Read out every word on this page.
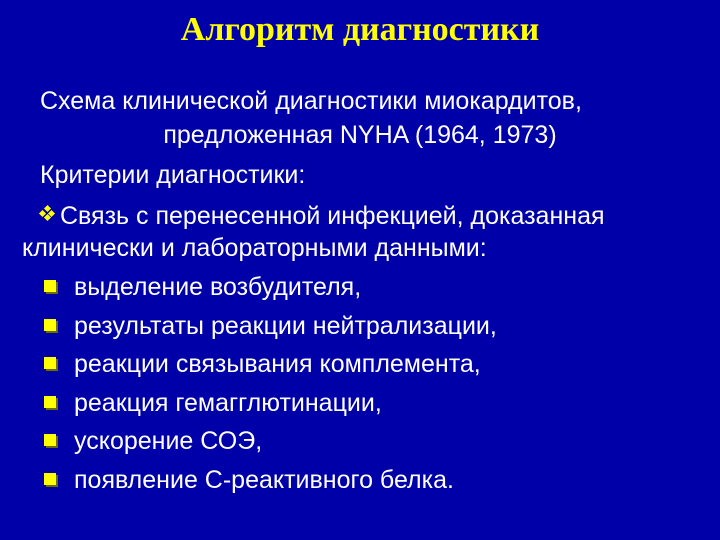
Алгоритм диагностики
Схема клинической диагностики миокардитов,
предложенная NYHA (1964, 1973)
Критерии диагностики:
Связь с перенесенной инфекцией, доказанная
клинически и лабораторными данными:
выделение возбудителя,
результаты реакции нейтрализации,
реакции связывания комплемента,
реакция гемагглютинации,
ускорение СОЭ,
появление С-реактивного белка.
